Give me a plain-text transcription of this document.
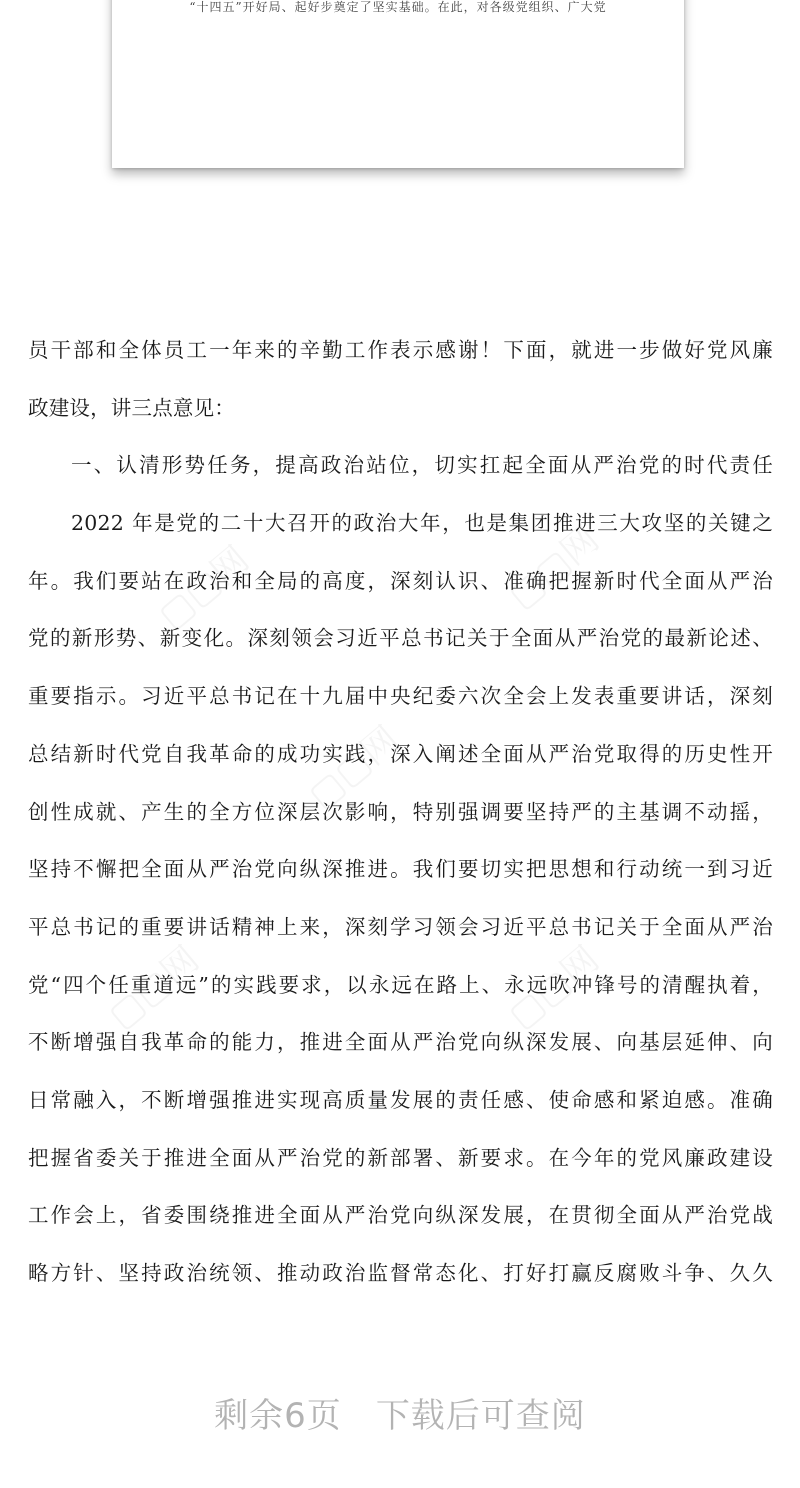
“十四五”开好局、起好步奠定了坚实基础。在此，对各级党组织、广大党
员干部和全体员工一年来的辛勤工作表示感谢！下面，就进一步做好党风廉
政建设，讲三点意见：
一、认清形势任务，提高政治站位，切实扛起全面从严治党的时代责任
2022 年是党的二十大召开的政治大年，也是集团推进三大攻坚的关键之
年。我们要站在政治和全局的高度，深刻认识、准确把握新时代全面从严治
党的新形势、新变化。深刻领会习近平总书记关于全面从严治党的最新论述、
重要指示。习近平总书记在十九届中央纪委六次全会上发表重要讲话，深刻
总结新时代党自我革命的成功实践，深入阐述全面从严治党取得的历史性开
创性成就、产生的全方位深层次影响，特别强调要坚持严的主基调不动摇，
坚持不懈把全面从严治党向纵深推进。我们要切实把思想和行动统一到习近
平总书记的重要讲话精神上来，深刻学习领会习近平总书记关于全面从严治
党“四个任重道远”的实践要求，以永远在路上、永远吹冲锋号的清醒执着，
不断增强自我革命的能力，推进全面从严治党向纵深发展、向基层延伸、向
日常融入，不断增强推进实现高质量发展的责任感、使命感和紧迫感。准确
把握省委关于推进全面从严治党的新部署、新要求。在今年的党风廉政建设
工作会上，省委围绕推进全面从严治党向纵深发展，在贯彻全面从严治党战
略方针、坚持政治统领、推动政治监督常态化、打好打赢反腐败斗争、久久
剩余6页 下载后可查阅
